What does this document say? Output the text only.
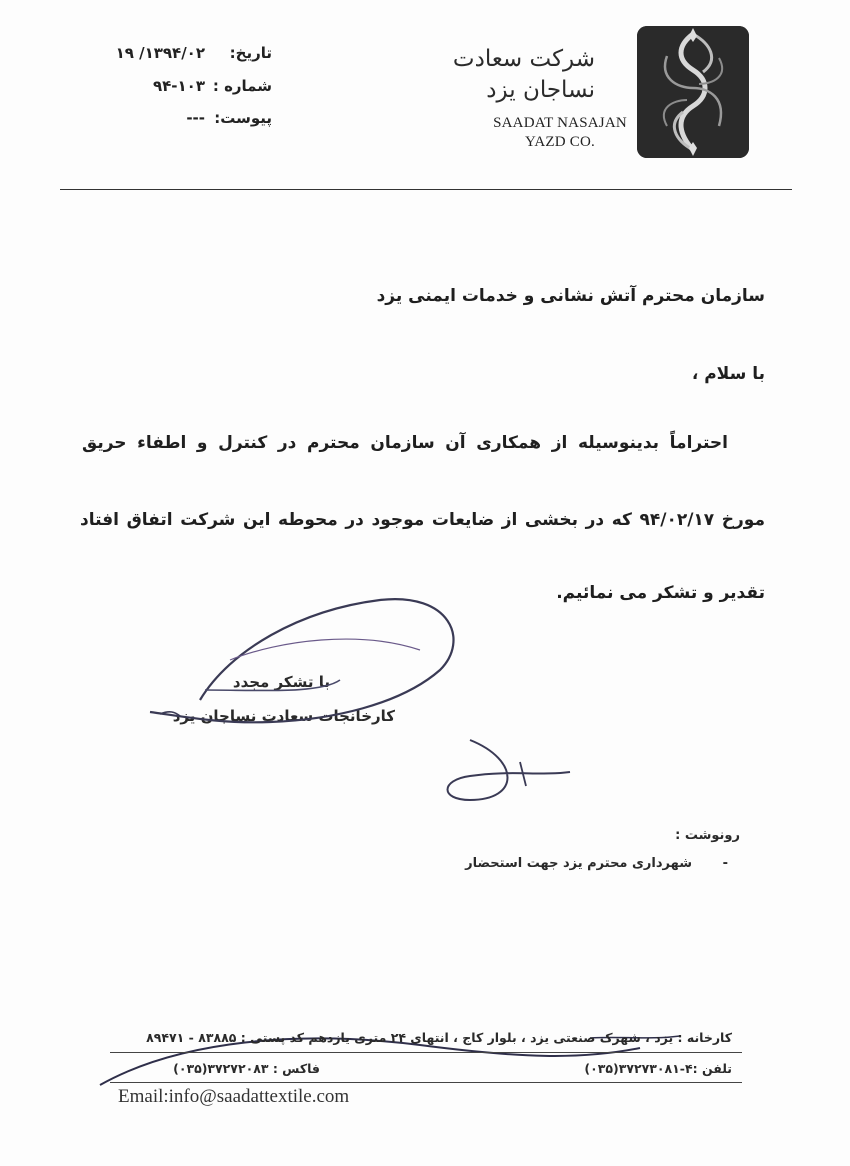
شرکت سعادت
نساجان یزد
SAADAT NASAJAN
YAZD CO.
تاریخ:
۱۳۹۴/۰۲/ ۱۹
شماره :
۹۴-۱۰۳
پیوست:
---
سازمان محترم آتش نشانی و خدمات ایمنی یزد
با سلام ،
احتراماً بدینوسیله از همکاری آن سازمان محترم در کنترل و اطفاء حریق
مورخ ۹۴/۰۲/۱۷ که در بخشی از ضایعات موجود در محوطه این شرکت اتفاق افتاد
تقدیر و تشکر می نمائیم.
با تشکر مجدد
کارخانجات سعادت نساجان یزد
رونوشت :
-
شهرداری محترم یزد جهت استحضار
کارخانه : یزد ، شهرک صنعتی یزد ، بلوار کاج ، انتهای ۲۴ متری یازدهم کد پستی : ۸۳۸۸۵ - ۸۹۴۷۱
تلفن :۴-۳۷۲۷۳۰۸۱(۰۳۵)
فاکس : ۳۷۲۷۲۰۸۳(۰۳۵)
Email:info@saadattextile.com
